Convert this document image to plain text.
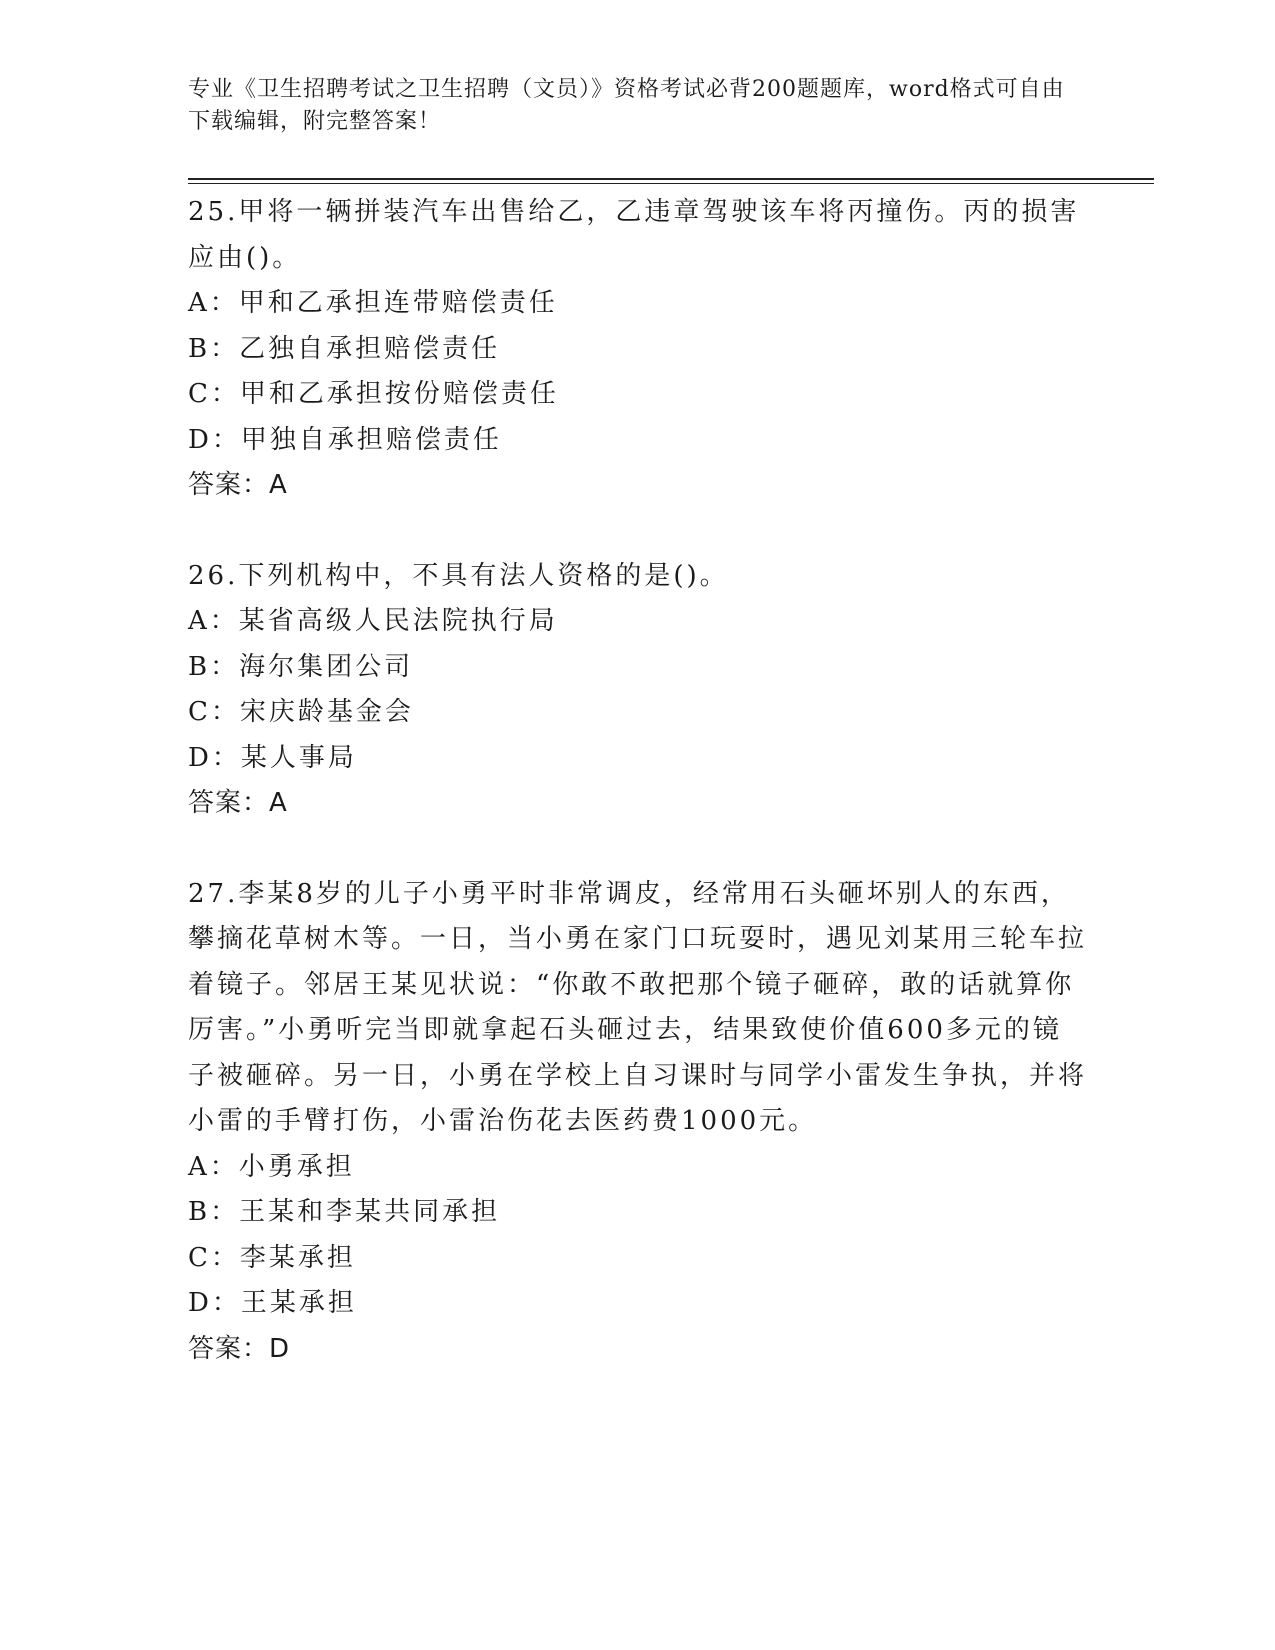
专业《卫生招聘考试之卫生招聘（文员）》资格考试必背200题题库，word格式可自由下载编辑，附完整答案！

25.甲将一辆拼装汽车出售给乙，乙违章驾驶该车将丙撞伤。丙的损害应由()。

A：甲和乙承担连带赔偿责任

B：乙独自承担赔偿责任

C：甲和乙承担按份赔偿责任

D：甲独自承担赔偿责任

答案：A

26.下列机构中，不具有法人资格的是()。

A：某省高级人民法院执行局

B：海尔集团公司

C：宋庆龄基金会

D：某人事局

答案：A

27.李某8岁的儿子小勇平时非常调皮，经常用石头砸坏别人的东西，攀摘花草树木等。一日，当小勇在家门口玩耍时，遇见刘某用三轮车拉着镜子。邻居王某见状说：“你敢不敢把那个镜子砸碎，敢的话就算你厉害。”小勇听完当即就拿起石头砸过去，结果致使价值600多元的镜子被砸碎。另一日，小勇在学校上自习课时与同学小雷发生争执，并将小雷的手臂打伤，小雷治伤花去医药费1000元。

A：小勇承担

B：王某和李某共同承担

C：李某承担

D：王某承担

答案：D
